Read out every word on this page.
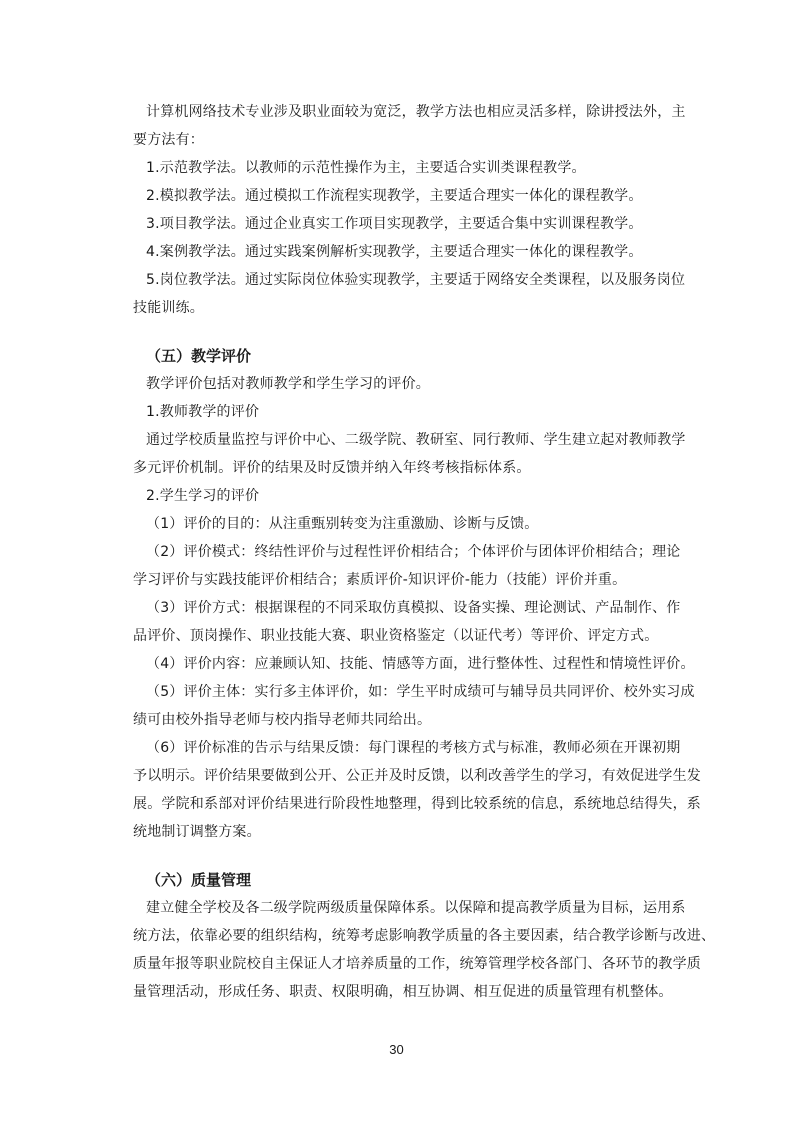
计算机网络技术专业涉及职业面较为宽泛，教学方法也相应灵活多样，除讲授法外，主
要方法有：
1.示范教学法。以教师的示范性操作为主，主要适合实训类课程教学。
2.模拟教学法。通过模拟工作流程实现教学，主要适合理实一体化的课程教学。
3.项目教学法。通过企业真实工作项目实现教学，主要适合集中实训课程教学。
4.案例教学法。通过实践案例解析实现教学，主要适合理实一体化的课程教学。
5.岗位教学法。通过实际岗位体验实现教学，主要适于网络安全类课程，以及服务岗位
技能训练。
（五）教学评价
教学评价包括对教师教学和学生学习的评价。
1.教师教学的评价
通过学校质量监控与评价中心、二级学院、教研室、同行教师、学生建立起对教师教学
多元评价机制。评价的结果及时反馈并纳入年终考核指标体系。
2.学生学习的评价
（1）评价的目的：从注重甄别转变为注重激励、诊断与反馈。
（2）评价模式：终结性评价与过程性评价相结合；个体评价与团体评价相结合；理论
学习评价与实践技能评价相结合；素质评价-知识评价-能力（技能）评价并重。
（3）评价方式：根据课程的不同采取仿真模拟、设备实操、理论测试、产品制作、作
品评价、顶岗操作、职业技能大赛、职业资格鉴定（以证代考）等评价、评定方式。
（4）评价内容：应兼顾认知、技能、情感等方面，进行整体性、过程性和情境性评价。
（5）评价主体：实行多主体评价，如：学生平时成绩可与辅导员共同评价、校外实习成
绩可由校外指导老师与校内指导老师共同给出。
（6）评价标准的告示与结果反馈：每门课程的考核方式与标准，教师必须在开课初期
予以明示。评价结果要做到公开、公正并及时反馈，以利改善学生的学习，有效促进学生发
展。学院和系部对评价结果进行阶段性地整理，得到比较系统的信息，系统地总结得失，系
统地制订调整方案。
（六）质量管理
建立健全学校及各二级学院两级质量保障体系。以保障和提高教学质量为目标，运用系
统方法，依靠必要的组织结构，统筹考虑影响教学质量的各主要因素，结合教学诊断与改进、
质量年报等职业院校自主保证人才培养质量的工作，统筹管理学校各部门、各环节的教学质
量管理活动，形成任务、职责、权限明确，相互协调、相互促进的质量管理有机整体。
30
